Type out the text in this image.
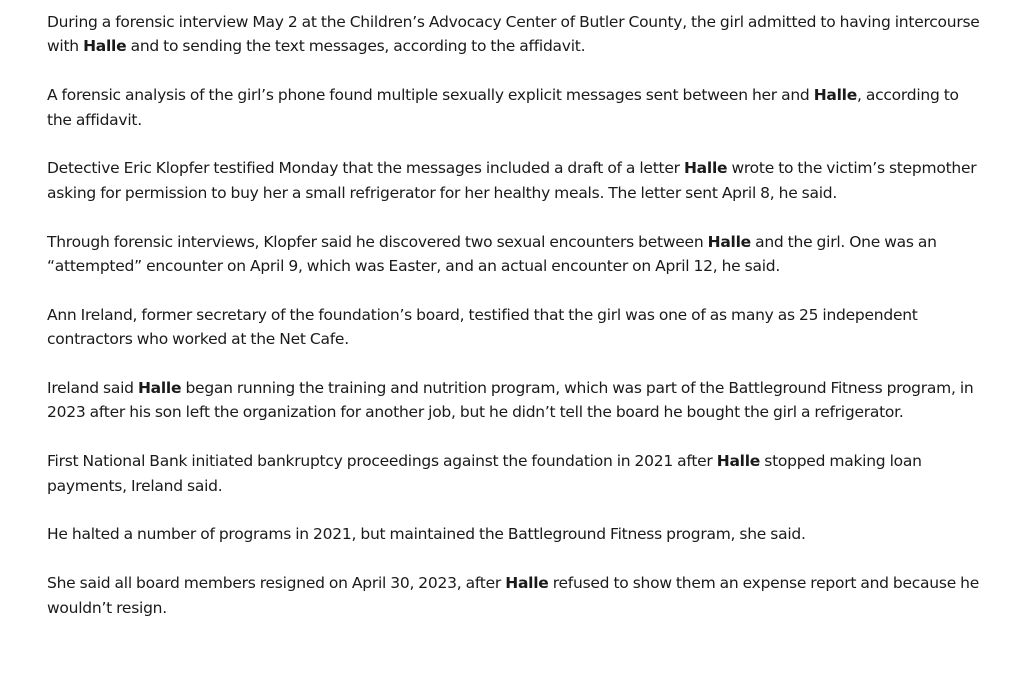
During a forensic interview May 2 at the Children’s Advocacy Center of Butler County, the girl admitted to having intercourse with Halle and to sending the text messages, according to the affidavit.

A forensic analysis of the girl’s phone found multiple sexually explicit messages sent between her and Halle, according to the affidavit.

Detective Eric Klopfer testified Monday that the messages included a draft of a letter Halle wrote to the victim’s stepmother asking for permission to buy her a small refrigerator for her healthy meals. The letter sent April 8, he said.

Through forensic interviews, Klopfer said he discovered two sexual encounters between Halle and the girl. One was an “attempted” encounter on April 9, which was Easter, and an actual encounter on April 12, he said.

Ann Ireland, former secretary of the foundation’s board, testified that the girl was one of as many as 25 independent contractors who worked at the Net Cafe.

Ireland said Halle began running the training and nutrition program, which was part of the Battleground Fitness program, in 2023 after his son left the organization for another job, but he didn’t tell the board he bought the girl a refrigerator.

First National Bank initiated bankruptcy proceedings against the foundation in 2021 after Halle stopped making loan payments, Ireland said.

He halted a number of programs in 2021, but maintained the Battleground Fitness program, she said.

She said all board members resigned on April 30, 2023, after Halle refused to show them an expense report and because he wouldn’t resign.
